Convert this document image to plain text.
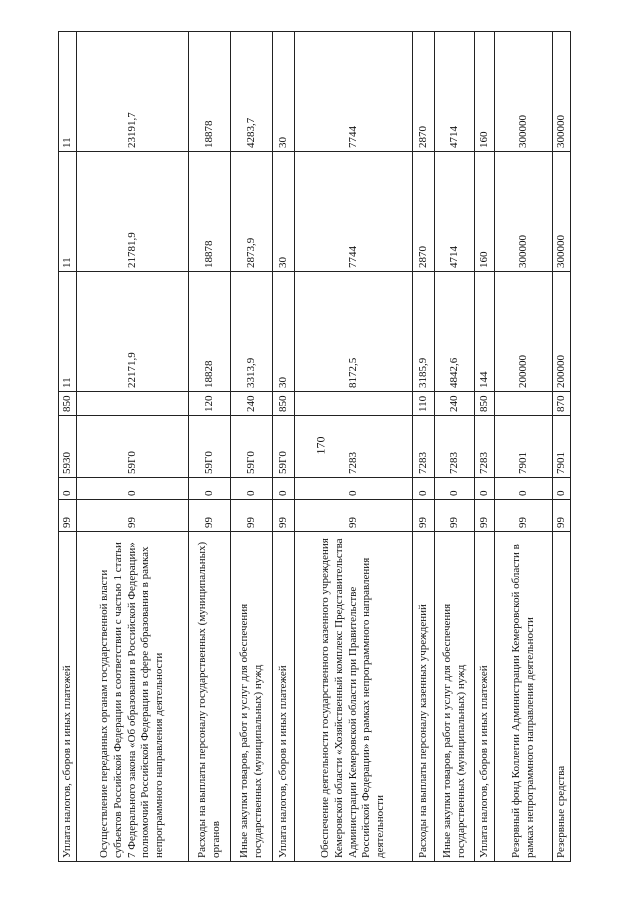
170
Уплата налогов, сборов и иных платежей	99	0	5930	850	11	11	11
Осуществление переданных органам государственной власти субъектов Российской Федерации в соответствии с частью 1 статьи 7 Федерального закона «Об образовании в Российской Федерации» полномочий Российской Федерации в сфере образования в рамках непрограммного направления деятельности	99	0	59Г0		22171,9	21781,9	23191,7
Расходы на выплаты персоналу государственных (муниципальных) органов	99	0	59Г0	120	18828	18878	18878
Иные закупки товаров, работ и услуг для обеспечения государственных (муниципальных) нужд	99	0	59Г0	240	3313,9	2873,9	4283,7
Уплата налогов, сборов и иных платежей	99	0	59Г0	850	30	30	30
Обеспечение деятельности государственного казенного учреждения Кемеровской области «Хозяйственный комплекс Представительства Администрации Кемеровской области при Правительстве Российской Федерации» в рамках непрограммного направления деятельности	99	0	7283		8172,5	7744	7744
Расходы на выплаты персоналу казенных учреждений	99	0	7283	110	3185,9	2870	2870
Иные закупки товаров, работ и услуг для обеспечения государственных (муниципальных) нужд	99	0	7283	240	4842,6	4714	4714
Уплата налогов, сборов и иных платежей	99	0	7283	850	144	160	160
Резервный фонд Коллегии Администрации Кемеровской области в рамках непрограммного направления деятельности	99	0	7901		200000	300000	300000
Резервные средства	99	0	7901	870	200000	300000	300000
